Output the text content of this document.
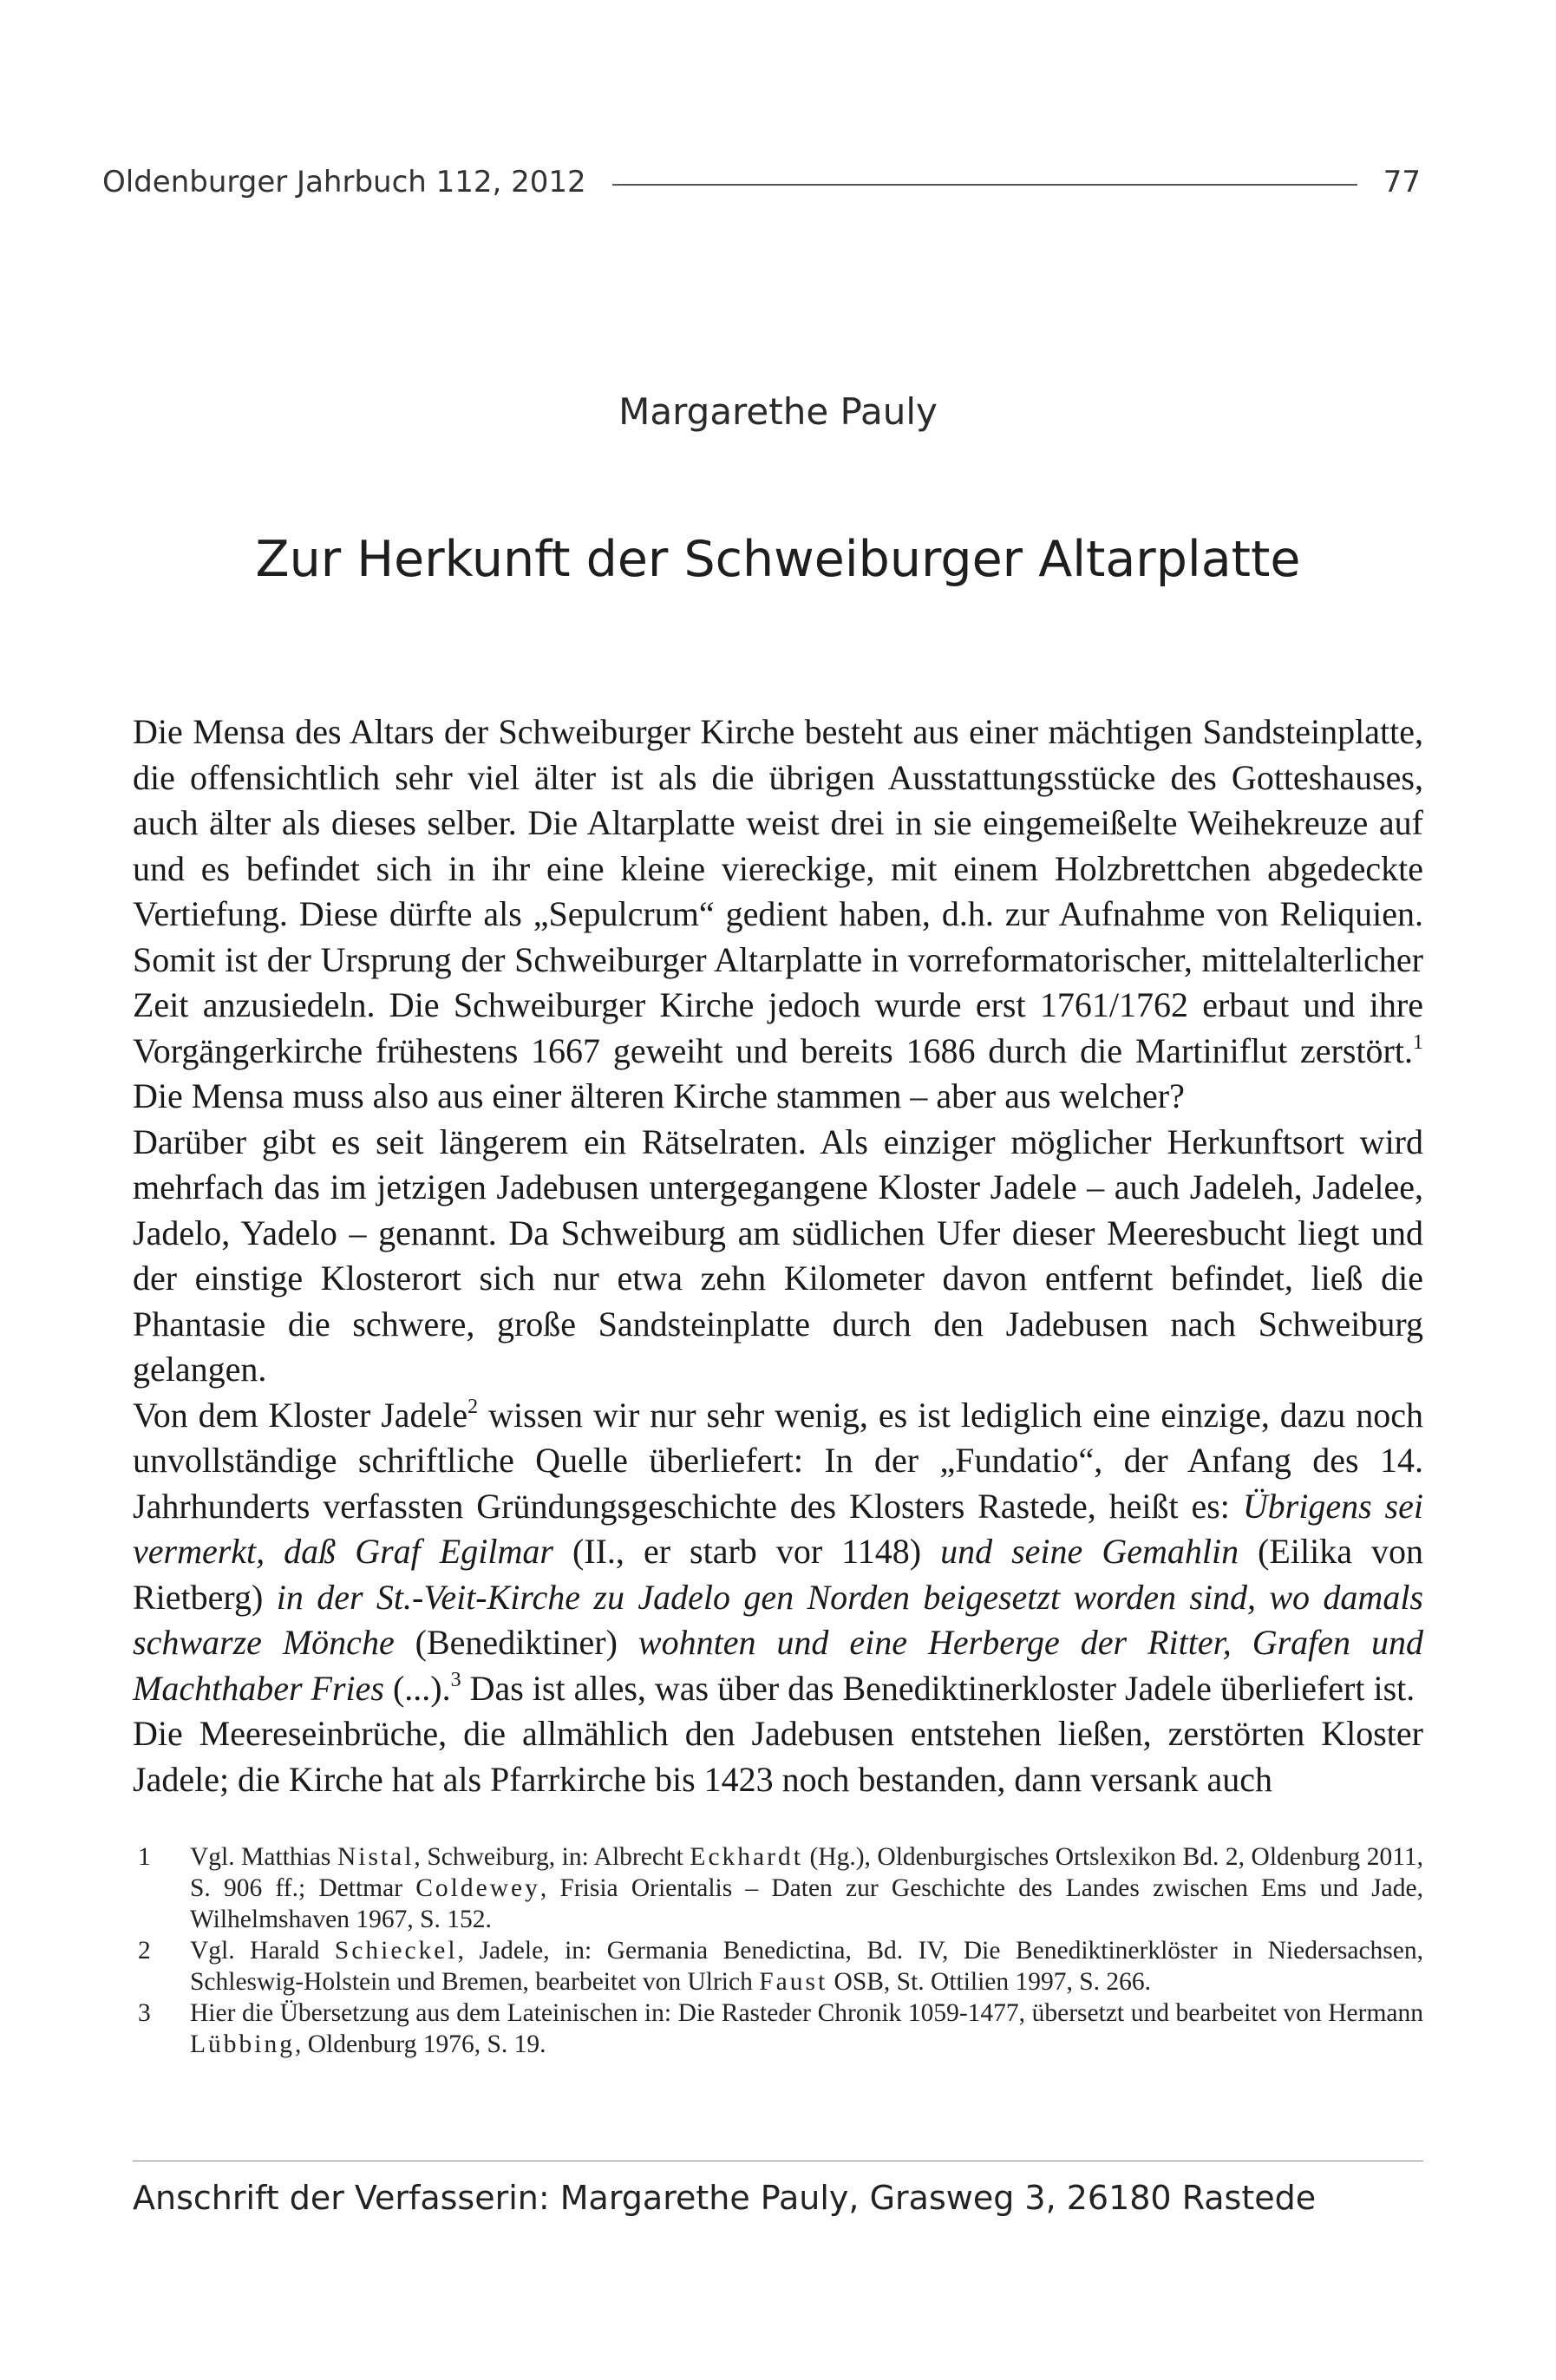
Oldenburger Jahrbuch 112, 2012	77
Margarethe Pauly
Zur Herkunft der Schweiburger Altarplatte

Die Mensa des Altars der Schweiburger Kirche besteht aus einer mächtigen Sandsteinplatte, die offensichtlich sehr viel älter ist als die übrigen Ausstattungsstücke des Gotteshauses, auch älter als dieses selber. Die Altarplatte weist drei in sie eingemeißelte Weihekreuze auf und es befindet sich in ihr eine kleine viereckige, mit einem Holzbrettchen abgedeckte Vertiefung. Diese dürfte als „Sepulcrum“ gedient haben, d.h. zur Aufnahme von Reliquien. Somit ist der Ursprung der Schweiburger Altarplatte in vorreformatorischer, mittelalterlicher Zeit anzusiedeln. Die Schweiburger Kirche jedoch wurde erst 1761/1762 erbaut und ihre Vorgängerkirche frühestens 1667 geweiht und bereits 1686 durch die Martiniflut zerstört.$^1$ Die Mensa muss also aus einer älteren Kirche stammen – aber aus welcher?

Darüber gibt es seit längerem ein Rätselraten. Als einziger möglicher Herkunftsort wird mehrfach das im jetzigen Jadebusen untergegangene Kloster Jadele – auch Jadeleh, Jadelee, Jadelo, Yadelo – genannt. Da Schweiburg am südlichen Ufer dieser Meeresbucht liegt und der einstige Klosterort sich nur etwa zehn Kilometer davon entfernt befindet, ließ die Phantasie die schwere, große Sandsteinplatte durch den Jadebusen nach Schweiburg gelangen.

Von dem Kloster Jadele$^2$ wissen wir nur sehr wenig, es ist lediglich eine einzige, dazu noch unvollständige schriftliche Quelle überliefert: In der „Fundatio“, der Anfang des 14. Jahrhunderts verfassten Gründungsgeschichte des Klosters Rastede, heißt es: Übrigens sei vermerkt, daß Graf Egilmar (II., er starb vor 1148) und seine Gemahlin (Eilika von Rietberg) in der St.-Veit-Kirche zu Jadelo gen Norden beigesetzt worden sind, wo damals schwarze Mönche (Benediktiner) wohnten und eine Herberge der Ritter, Grafen und Machthaber Fries (...).$^3$ Das ist alles, was über das Benediktinerkloster Jadele überliefert ist.

Die Meereseinbrüche, die allmählich den Jadebusen entstehen ließen, zerstörten Kloster Jadele; die Kirche hat als Pfarrkirche bis 1423 noch bestanden, dann versank auch

1	Vgl. Matthias Nistal, Schweiburg, in: Albrecht Eckhardt (Hg.), Oldenburgisches Ortslexikon Bd. 2, Oldenburg 2011, S. 906 ff.; Dettmar Coldewey, Frisia Orientalis – Daten zur Geschichte des Landes zwischen Ems und Jade, Wilhelmshaven 1967, S. 152.
2	Vgl. Harald Schieckel, Jadele, in: Germania Benedictina, Bd. IV, Die Benediktinerklöster in Niedersachsen, Schleswig-Holstein und Bremen, bearbeitet von Ulrich Faust OSB, St. Ottilien 1997, S. 266.
3	Hier die Übersetzung aus dem Lateinischen in: Die Rasteder Chronik 1059-1477, übersetzt und bearbeitet von Hermann Lübbing, Oldenburg 1976, S. 19.
Anschrift der Verfasserin: Margarethe Pauly, Grasweg 3, 26180 Rastede
